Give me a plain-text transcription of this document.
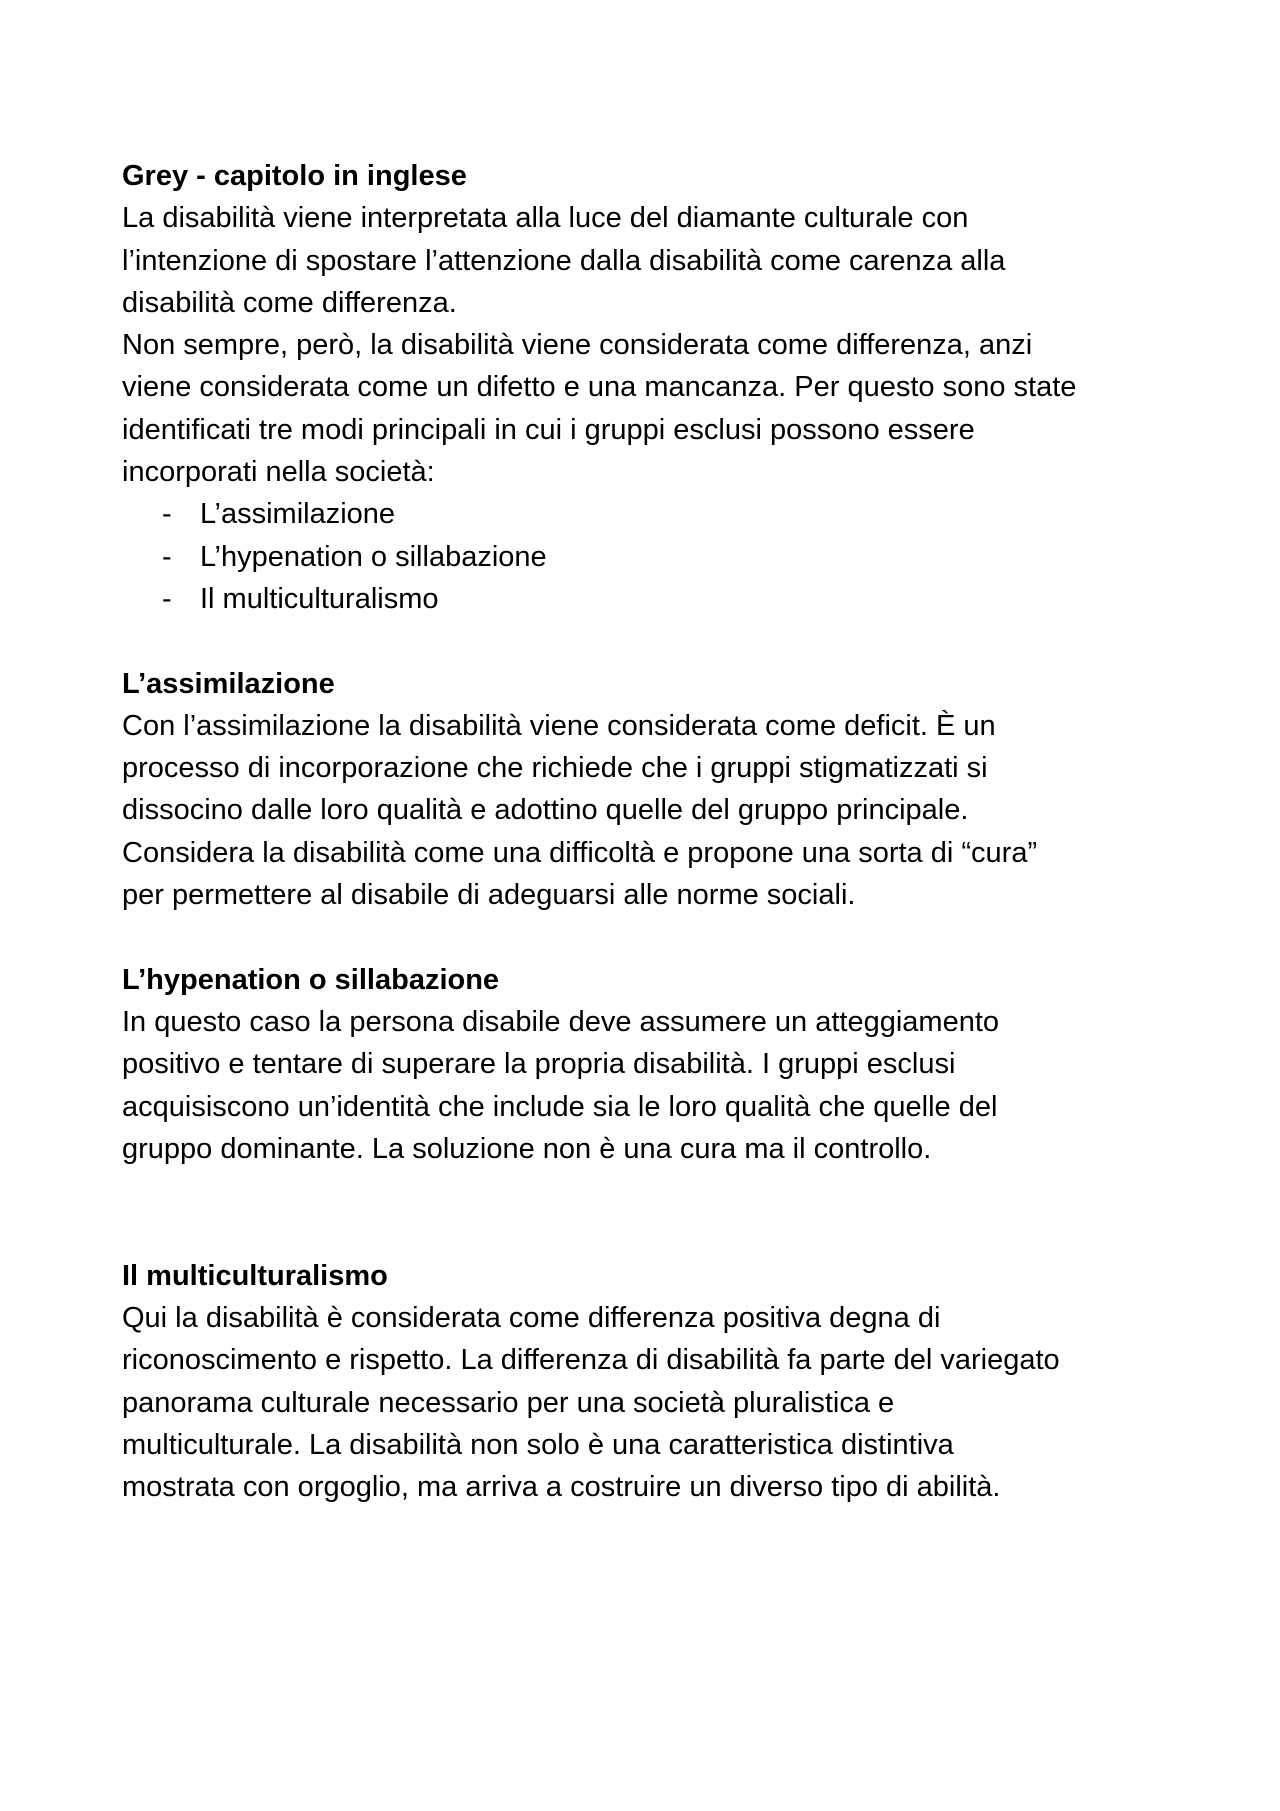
Grey - capitolo in inglese

La disabilità viene interpretata alla luce del diamante culturale con
l’intenzione di spostare l’attenzione dalla disabilità come carenza alla
disabilità come differenza.
Non sempre, però, la disabilità viene considerata come differenza, anzi
viene considerata come un difetto e una mancanza. Per questo sono state
identificati tre modi principali in cui i gruppi esclusi possono essere
incorporati nella società:

- L’assimilazione
- L’hypenation o sillabazione
- Il multiculturalismo

L’assimilazione

Con l’assimilazione la disabilità viene considerata come deficit. È un
processo di incorporazione che richiede che i gruppi stigmatizzati si
dissocino dalle loro qualità e adottino quelle del gruppo principale.
Considera la disabilità come una difficoltà e propone una sorta di “cura”
per permettere al disabile di adeguarsi alle norme sociali.

L’hypenation o sillabazione

In questo caso la persona disabile deve assumere un atteggiamento
positivo e tentare di superare la propria disabilità. I gruppi esclusi
acquisiscono un’identità che include sia le loro qualità che quelle del
gruppo dominante. La soluzione non è una cura ma il controllo.

Il multiculturalismo

Qui la disabilità è considerata come differenza positiva degna di
riconoscimento e rispetto. La differenza di disabilità fa parte del variegato
panorama culturale necessario per una società pluralistica e
multiculturale. La disabilità non solo è una caratteristica distintiva
mostrata con orgoglio, ma arriva a costruire un diverso tipo di abilità.
